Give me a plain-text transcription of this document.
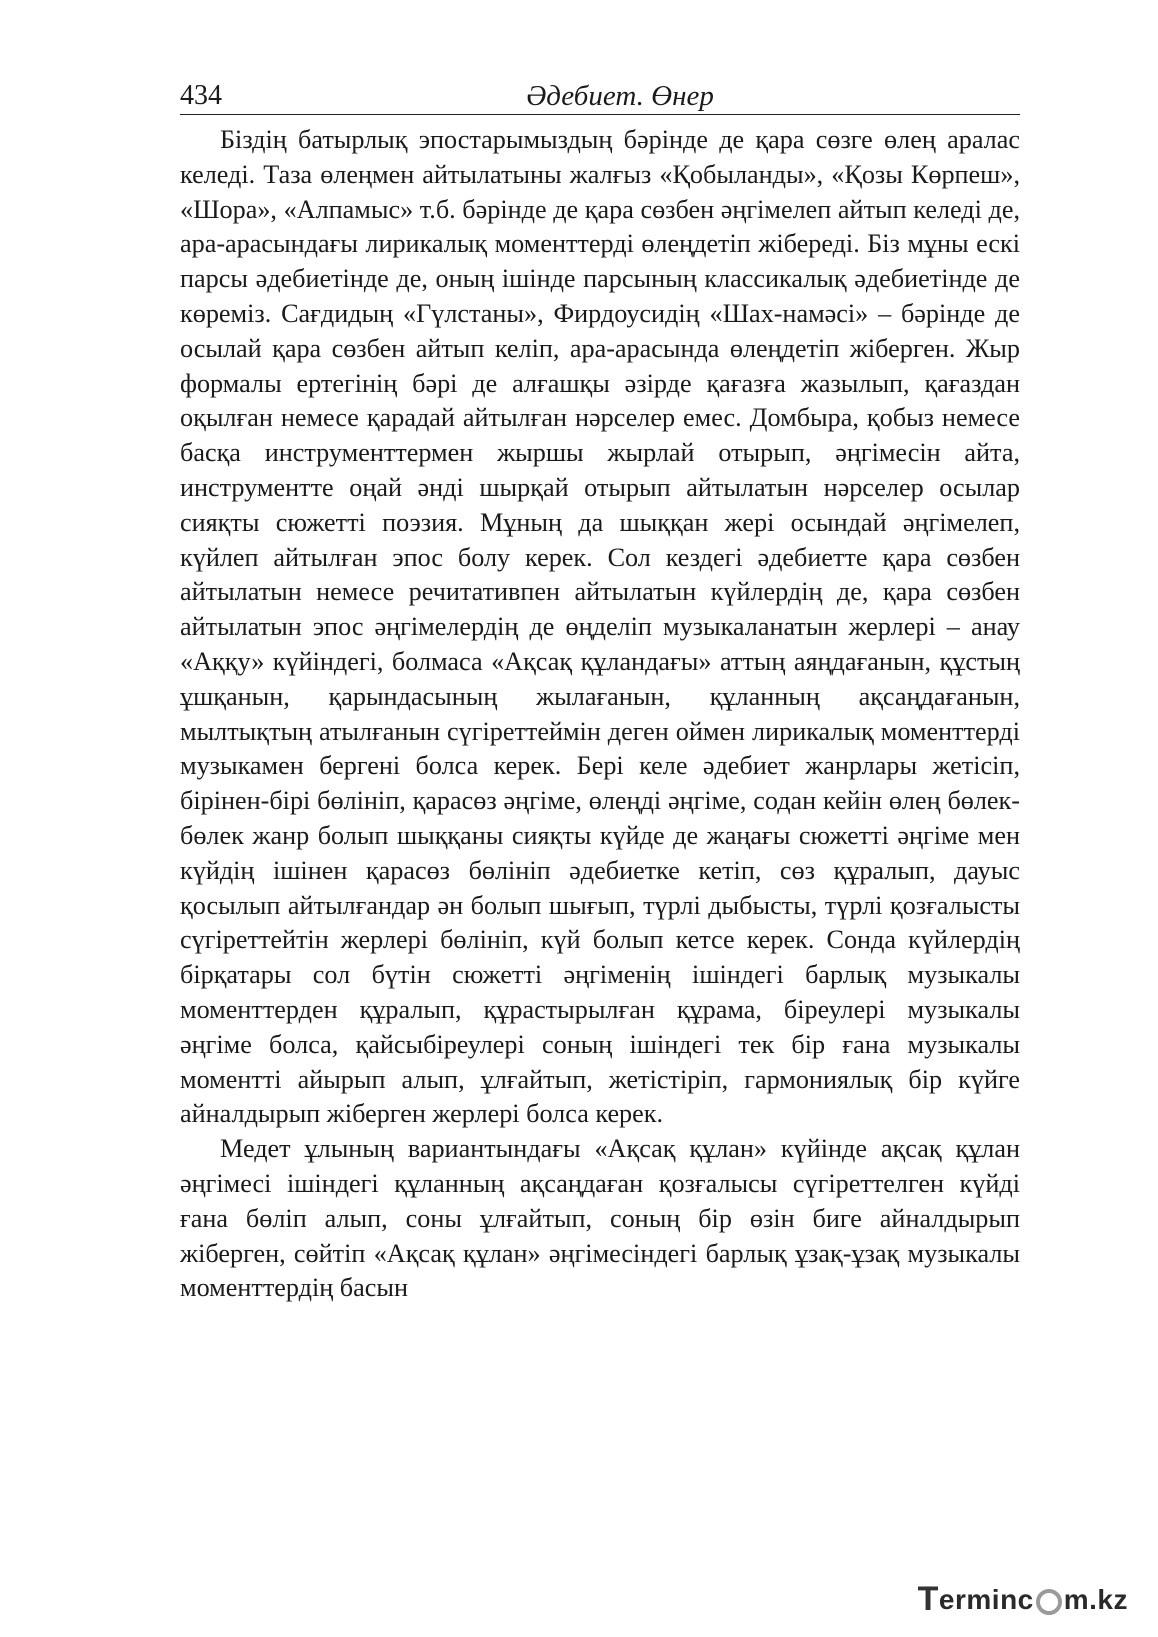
434	Әдебиет. Өнер

Біздің батырлық эпостарымыздың бәрінде де қара сөзге өлең аралас келеді. Таза өлеңмен айтылатыны жалғыз «Қобыланды», «Қозы Көрпеш», «Шора», «Алпамыс» т.б. бәрінде де қара сөзбен әңгімелеп айтып келеді де, ара-арасындағы лирикалық моменттерді өлеңдетіп жібереді. Біз мұны ескі парсы әдебиетінде де, оның ішінде парсының классикалық әдебиетінде де көреміз. Сағдидың «Гүлстаны», Фирдоусидің «Шах-намәсі» – бәрінде де осылай қара сөзбен айтып келіп, ара-арасында өлеңдетіп жіберген. Жыр формалы ертегінің бәрі де алғашқы әзірде қағазға жазылып, қағаздан оқылған немесе қарадай айтылған нәрселер емес. Домбыра, қобыз немесе басқа инструменттермен жыршы жырлай отырып, әңгімесін айта, инструментте оңай әнді шырқай отырып айтылатын нәрселер осылар сияқты сюжетті поэзия. Мұның да шыққан жері осындай әңгімелеп, күйлеп айтылған эпос болу керек. Сол кездегі әдебиетте қара сөзбен айтылатын немесе речитативпен айтылатын күйлердің де, қара сөзбен айтылатын эпос әңгімелердің де өңделіп музыкаланатын жерлері – анау «Аққу» күйіндегі, болмаса «Ақсақ құландағы» аттың аяңдағанын, құстың ұшқанын, қарындасының жылағанын, құланның ақсаңдағанын, мылтықтың атылғанын сүгіреттеймін деген оймен лирикалық моменттерді музыкамен бергені болса керек. Бері келе әдебиет жанрлары жетісіп, бірінен-бірі бөлініп, қарасөз әңгіме, өлеңді әңгіме, содан кейін өлең бөлек-бөлек жанр болып шыққаны сияқты күйде де жаңағы сюжетті әңгіме мен күйдің ішінен қарасөз бөлініп әдебиетке кетіп, сөз құралып, дауыс қосылып айтылғандар ән болып шығып, түрлі дыбысты, түрлі қозғалысты сүгіреттейтін жерлері бөлініп, күй болып кетсе керек. Сонда күйлердің бірқатары сол бүтін сюжетті әңгіменің ішіндегі барлық музыкалы моменттерден құралып, құрастырылған құрама, біреулері музыкалы әңгіме болса, қайсыбіреулері соның ішіндегі тек бір ғана музыкалы моментті айырып алып, ұлғайтып, жетістіріп, гармониялық бір күйге айналдырып жіберген жерлері болса керек.

Медет ұлының вариантындағы «Ақсақ құлан» күйінде ақсақ құлан әңгімесі ішіндегі құланның ақсаңдаған қозғалысы сүгіреттелген күйді ғана бөліп алып, соны ұлғайтып, соның бір өзін биге айналдырып жіберген, сөйтіп «Ақсақ құлан» әңгімесіндегі барлық ұзақ-ұзақ музыкалы моменттердің басын

T erminc m.kz
